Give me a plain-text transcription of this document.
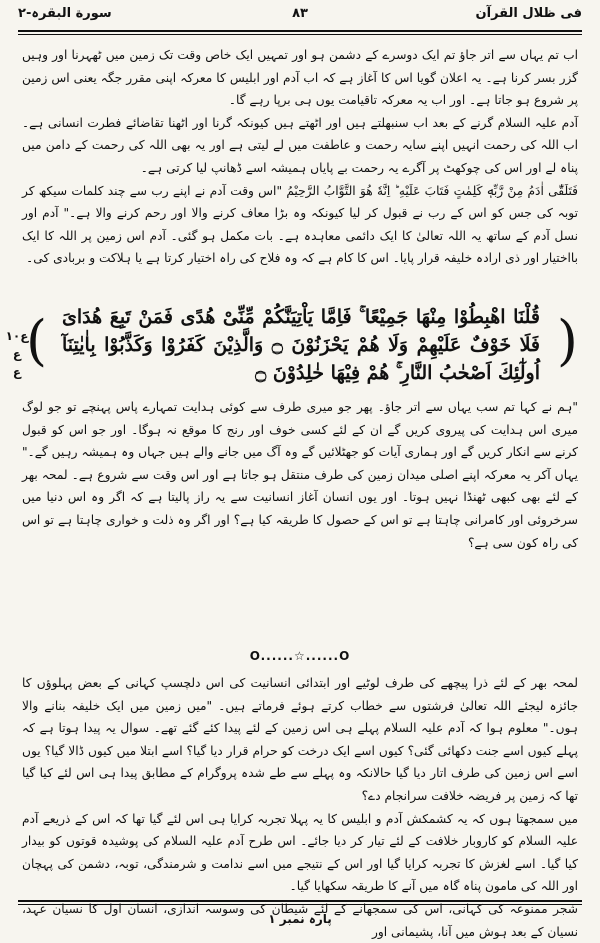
فی ظلال القرآن
۸۳
سورة البقرہ-۲

اب تم یہاں سے اتر جاؤ تم ایک دوسرے کے دشمن ہو اور تمہیں ایک خاص وقت تک زمین میں ٹھہرنا اور وہیں گزر بسر کرنا ہے۔ یہ اعلان گویا اس کا آغاز ہے کہ اب آدم اور ابلیس کا معرکہ اپنی مقرر جگہ یعنی اس زمین پر شروع ہو جاتا ہے۔ اور اب یہ معرکہ تاقیامت یوں ہی برپا رہے گا۔

آدم علیہ السلام گرنے کے بعد اب سنبھلتے ہیں اور اٹھتے ہیں کیونکہ گرنا اور اٹھنا تقاضائے فطرت انسانی ہے۔ اب اللہ کی رحمت انہیں اپنے سایہ رحمت و عاطفت میں لے لیتی ہے اور یہ بھی اللہ کی رحمت کے دامن میں پناہ لے اور اس کی چوکھٹ پر آگرے یہ رحمت بے پایاں ہمیشہ اسے ڈھانپ لیا کرتی ہے۔

فَتَلَقّٰٓى اٰدَمُ مِنْ رَّبِّهٖ كَلِمٰتٍ فَتَابَ عَلَيْهِ ؕ اِنَّهٗ هُوَ التَّوَّابُ الرَّحِيْمُ "اس وقت آدم نے اپنے رب سے چند کلمات سیکھ کر توبہ کی جس کو اس کے رب نے قبول کر لیا کیونکہ وہ بڑا معاف کرنے والا اور رحم کرنے والا ہے۔" آدم اور نسل آدم کے ساتھ یہ اللہ تعالیٰ کا ایک دائمی معاہدہ ہے۔ بات مکمل ہو گئی۔ آدم اس زمین پر اللہ کا ایک بااختیار اور ذی ارادہ خلیفہ قرار پایا۔ اس کا کام ہے کہ وہ فلاح کی راہ اختیار کرتا ہے یا ہلاکت و بربادی کی۔

(
قُلْنَا اهْبِطُوْا مِنْهَا جَمِيْعًا ۚ فَاِمَّا يَاْتِيَنَّكُمْ مِّنِّىْ هُدًى فَمَنْ تَبِعَ هُدَاىَ فَلَا خَوْفٌ عَلَيْهِمْ وَلَا هُمْ يَحْزَنُوْنَ ۝ وَالَّذِيْنَ كَفَرُوْا وَكَذَّبُوْا بِاٰيٰتِنَآ اُولٰٓئِكَ اَصْحٰبُ النَّارِ ۚ هُمْ فِيْهَا خٰلِدُوْنَ ۝
)
ع۱۰
ع
ع

"ہم نے کہا تم سب یہاں سے اتر جاؤ۔ پھر جو میری طرف سے کوئی ہدایت تمہارے پاس پہنچے تو جو لوگ میری اس ہدایت کی پیروی کریں گے ان کے لئے کسی خوف اور رنج کا موقع نہ ہوگا۔ اور جو اس کو قبول کرنے سے انکار کریں گے اور ہماری آیات کو جھٹلائیں گے وہ آگ میں جانے والے ہیں جہاں وہ ہمیشہ رہیں گے۔" یہاں آکر یہ معرکہ اپنے اصلی میدان زمین کی طرف منتقل ہو جاتا ہے اور اس وقت سے شروع ہے۔ لمحہ بھر کے لئے بھی کبھی ٹھنڈا نہیں ہوتا۔ اور یوں انسان آغاز انسانیت سے یہ راز پالیتا ہے کہ اگر وہ اس دنیا میں سرخروئی اور کامرانی چاہتا ہے تو اس کے حصول کا طریقہ کیا ہے؟ اور اگر وہ ذلت و خواری چاہتا ہے تو اس کی راہ کون سی ہے؟

O......☆......O

لمحہ بھر کے لئے ذرا پیچھے کی طرف لوٹیے اور ابتدائی انسانیت کی اس دلچسپ کہانی کے بعض پہلوؤں کا جائزہ لیجئے اللہ تعالیٰ فرشتوں سے خطاب کرتے ہوئے فرماتے ہیں۔ "میں زمین میں ایک خلیفہ بنانے والا ہوں۔" معلوم ہوا کہ آدم علیہ السلام پہلے ہی اس زمین کے لئے پیدا کئے گئے تھے۔ سوال یہ پیدا ہوتا ہے کہ پہلے کیوں اسے جنت دکھائی گئی؟ کیوں اسے ایک درخت کو حرام قرار دیا گیا؟ اسے ابتلا میں کیوں ڈالا گیا؟ یوں اسے اس زمین کی طرف اتار دیا گیا حالانکہ وہ پہلے سے طے شدہ پروگرام کے مطابق پیدا ہی اس لئے کیا گیا تھا کہ زمین پر فریضہ خلافت سرانجام دے؟

میں سمجھتا ہوں کہ یہ کشمکش آدم و ابلیس کا یہ پہلا تجربہ کرایا ہی اس لئے گیا تھا کہ اس کے ذریعے آدم علیہ السلام کو کاروبار خلافت کے لئے تیار کر دیا جائے۔ اس طرح آدم علیہ السلام کی پوشیدہ قوتوں کو بیدار کیا گیا۔ اسے لغزش کا تجربہ کرایا گیا اور اس کے نتیجے میں اسے ندامت و شرمندگی، توبہ، دشمن کی پہچان اور اللہ کی مامون پناہ گاہ میں آنے کا طریقہ سکھایا گیا۔

شجر ممنوعہ کی کہانی، اس کی سمجھانے کے لئے شیطان کی وسوسہ اندازی، انسان اول کا نسیان عہد، نسیان کے بعد ہوش میں آنا، پشیمانی اور

پارہ نمبر ۱
